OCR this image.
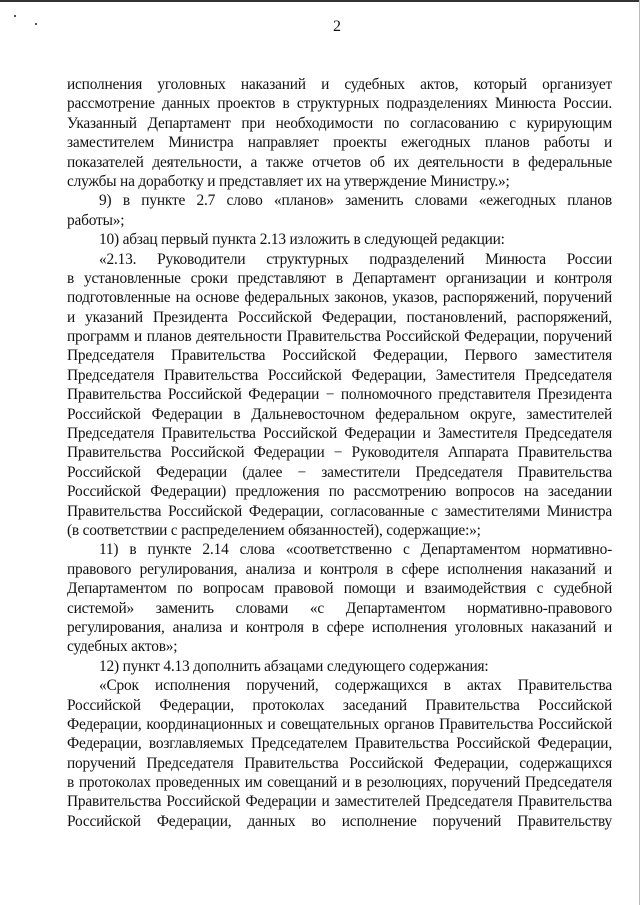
2
исполнения уголовных наказаний и судебных актов, который организует
рассмотрение данных проектов в структурных подразделениях Минюста России.
Указанный Департамент при необходимости по согласованию с курирующим
заместителем Министра направляет проекты ежегодных планов работы и
показателей деятельности, а также отчетов об их деятельности в федеральные
службы на доработку и представляет их на утверждение Министру.»;
9) в пункте 2.7 слово «планов» заменить словами «ежегодных планов
работы»;
10) абзац первый пункта 2.13 изложить в следующей редакции:
«2.13. Руководители структурных подразделений Минюста России
в установленные сроки представляют в Департамент организации и контроля
подготовленные на основе федеральных законов, указов, распоряжений, поручений
и указаний Президента Российской Федерации, постановлений, распоряжений,
программ и планов деятельности Правительства Российской Федерации, поручений
Председателя Правительства Российской Федерации, Первого заместителя
Председателя Правительства Российской Федерации, Заместителя Председателя
Правительства Российской Федерации − полномочного представителя Президента
Российской Федерации в Дальневосточном федеральном округе, заместителей
Председателя Правительства Российской Федерации и Заместителя Председателя
Правительства Российской Федерации − Руководителя Аппарата Правительства
Российской Федерации (далее − заместители Председателя Правительства
Российской Федерации) предложения по рассмотрению вопросов на заседании
Правительства Российской Федерации, согласованные с заместителями Министра
(в соответствии с распределением обязанностей), содержащие:»;
11) в пункте 2.14 слова «соответственно с Департаментом нормативно-
правового регулирования, анализа и контроля в сфере исполнения наказаний и
Департаментом по вопросам правовой помощи и взаимодействия с судебной
системой» заменить словами «с Департаментом нормативно-правового
регулирования, анализа и контроля в сфере исполнения уголовных наказаний и
судебных актов»;
12) пункт 4.13 дополнить абзацами следующего содержания:
«Срок исполнения поручений, содержащихся в актах Правительства
Российской Федерации, протоколах заседаний Правительства Российской
Федерации, координационных и совещательных органов Правительства Российской
Федерации, возглавляемых Председателем Правительства Российской Федерации,
поручений Председателя Правительства Российской Федерации, содержащихся
в протоколах проведенных им совещаний и в резолюциях, поручений Председателя
Правительства Российской Федерации и заместителей Председателя Правительства
Российской Федерации, данных во исполнение поручений Правительству
